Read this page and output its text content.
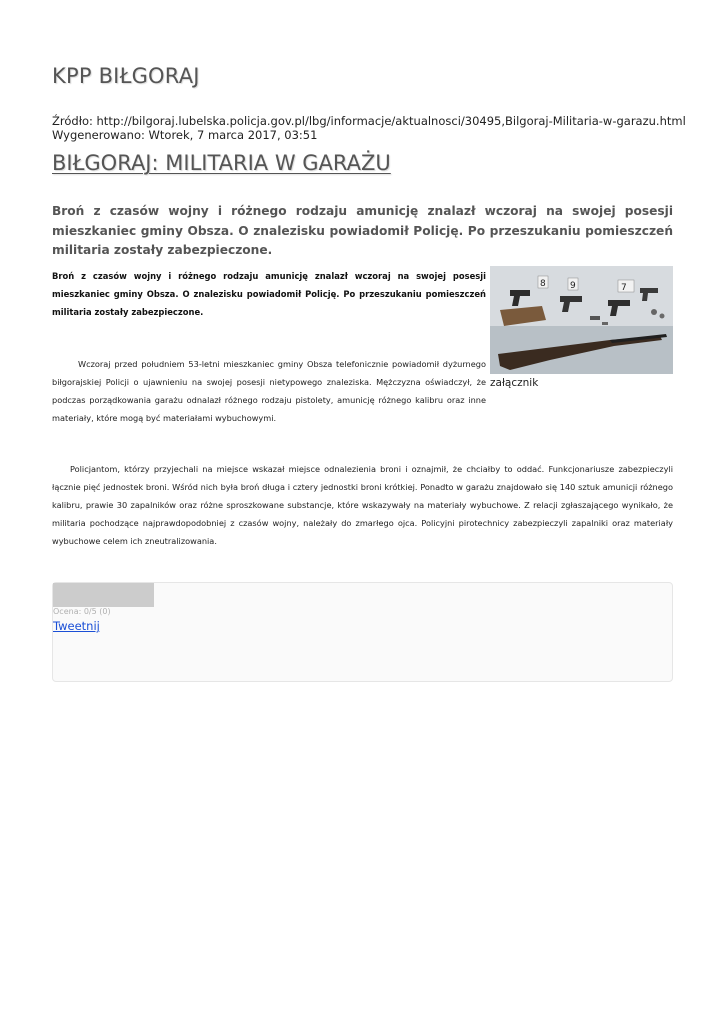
KPP BIŁGORAJ
Źródło: http://bilgoraj.lubelska.policja.gov.pl/lbg/informacje/aktualnosci/30495,Bilgoraj-Militaria-w-garazu.html
Wygenerowano: Wtorek, 7 marca 2017, 03:51
BIŁGORAJ: MILITARIA W GARAŻU

Broń z czasów wojny i różnego rodzaju amunicję znalazł wczoraj na swojej posesji mieszkaniec gminy Obsza. O znalezisku powiadomił Policję. Po przeszukaniu pomieszczeń militaria zostały zabezpieczone.

Broń z czasów wojny i różnego rodzaju amunicję znalazł wczoraj na swojej posesji mieszkaniec gminy Obsza. O znalezisku powiadomił Policję. Po przeszukaniu pomieszczeń militaria zostały zabezpieczone.

Wczoraj przed południem 53-letni mieszkaniec gminy Obsza telefonicznie powiadomił dyżurnego biłgorajskiej Policji o ujawnieniu na swojej posesji nietypowego znaleziska. Mężczyzna oświadczył, że podczas porządkowania garażu odnalazł różnego rodzaju pistolety, amunicję różnego kalibru oraz inne materiały, które mogą być materiałami wybuchowymi.

8	9	7
załącznik

Policjantom, którzy przyjechali na miejsce wskazał miejsce odnalezienia broni i oznajmił, że chciałby to oddać. Funkcjonariusze zabezpieczyli łącznie pięć jednostek broni. Wśród nich była broń długa i cztery jednostki broni krótkiej. Ponadto w garażu znajdowało się 140 sztuk amunicji różnego kalibru, prawie 30 zapalników oraz różne sproszkowane substancje, które wskazywały na materiały wybuchowe. Z relacji zgłaszającego wynikało, że militaria pochodzące najprawdopodobniej z czasów wojny, należały do zmarłego ojca. Policyjni pirotechnicy zabezpieczyli zapalniki oraz materiały wybuchowe celem ich zneutralizowania.

Ocena: 0/5 (0)
Tweetnij
